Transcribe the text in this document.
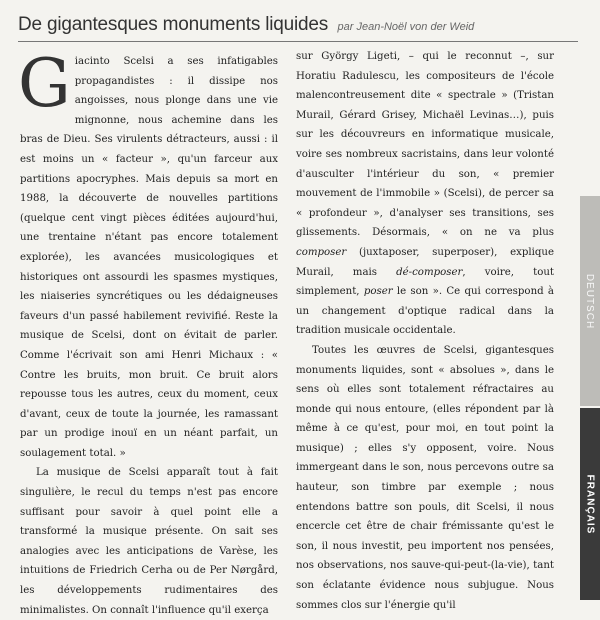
De gigantesques monuments liquides par Jean-Noël von der Weid

Giacinto Scelsi a ses infatigables propagandistes : il dissipe nos angoisses, nous plonge dans une vie mignonne, nous achemine dans les bras de Dieu. Ses virulents détracteurs, aussi : il est moins un « facteur », qu'un farceur aux partitions apocryphes. Mais depuis sa mort en 1988, la découverte de nouvelles partitions (quelque cent vingt pièces éditées aujourd'hui, une trentaine n'étant pas encore totalement explorée), les avancées musicologiques et historiques ont assourdi les spasmes mystiques, les niaiseries syncrétiques ou les dédaigneuses faveurs d'un passé habilement revivifié. Reste la musique de Scelsi, dont on évitait de parler. Comme l'écrivait son ami Henri Michaux : « Contre les bruits, mon bruit. Ce bruit alors repousse tous les autres, ceux du moment, ceux d'avant, ceux de toute la journée, les ramassant par un prodige inouï en un néant parfait, un soulagement total. »

La musique de Scelsi apparaît tout à fait singulière, le recul du temps n'est pas encore suffisant pour savoir à quel point elle a transformé la musique présente. On sait ses analogies avec les anticipations de Varèse, les intuitions de Friedrich Cerha ou de Per Nørgård, les développements rudimentaires des minimalistes. On connaît l'influence qu'il exerça

sur György Ligeti, – qui le reconnut –, sur Horatiu Radulescu, les compositeurs de l'école malencontreusement dite « spectrale » (Tristan Murail, Gérard Grisey, Michaël Levinas…), puis sur les découvreurs en informatique musicale, voire ses nombreux sacristains, dans leur volonté d'ausculter l'intérieur du son, « premier mouvement de l'immobile » (Scelsi), de percer sa « profondeur », d'analyser ses transitions, ses glissements. Désormais, « on ne va plus composer (juxtaposer, superposer), explique Murail, mais dé-composer, voire, tout simplement, poser le son ». Ce qui correspond à un changement d'optique radical dans la tradition musicale occidentale.

Toutes les œuvres de Scelsi, gigantesques monuments liquides, sont « absolues », dans le sens où elles sont totalement réfractaires au monde qui nous entoure, (elles répondent par là même à ce qu'est, pour moi, en tout point la musique) ; elles s'y opposent, voire. Nous immergeant dans le son, nous percevons outre sa hauteur, son timbre par exemple ; nous entendons battre son pouls, dit Scelsi, il nous encercle cet être de chair frémissante qu'est le son, il nous investit, peu importent nos pensées, nos observations, nos sauve-qui-peut-(la-vie), tant son éclatante évidence nous subjugue. Nous sommes clos sur l'énergie qu'il

DEUTSCH
FRANÇAIS
